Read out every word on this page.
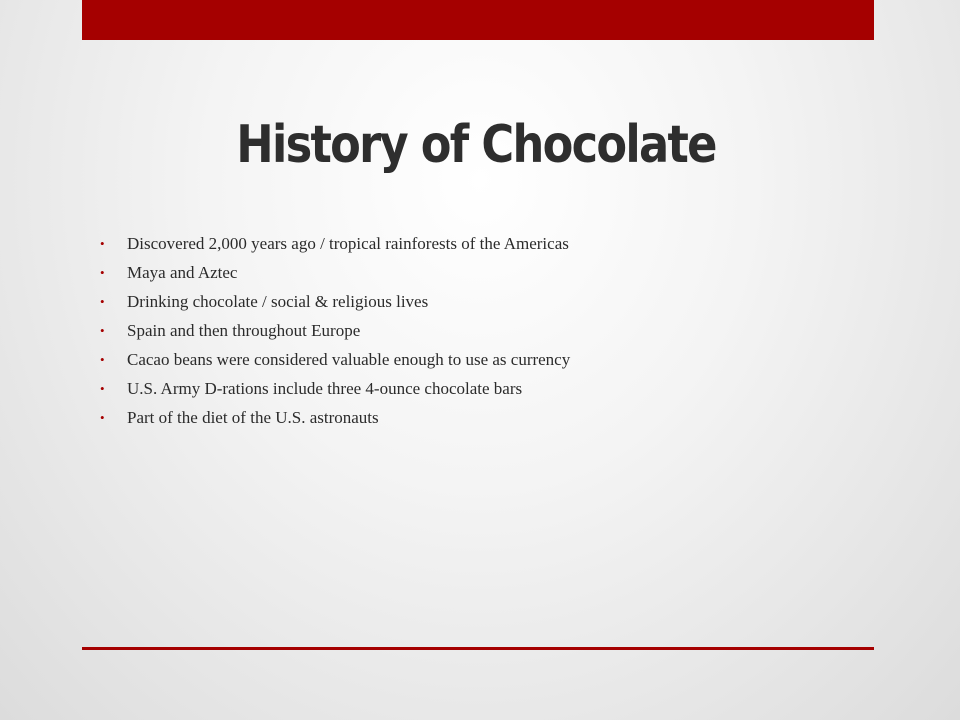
History of Chocolate
• Discovered 2,000 years ago / tropical rainforests of the Americas
• Maya and Aztec
• Drinking chocolate / social & religious lives
• Spain and then throughout Europe
• Cacao beans were considered valuable enough to use as currency
• U.S. Army D-rations include three 4-ounce chocolate bars
• Part of the diet of the U.S. astronauts
